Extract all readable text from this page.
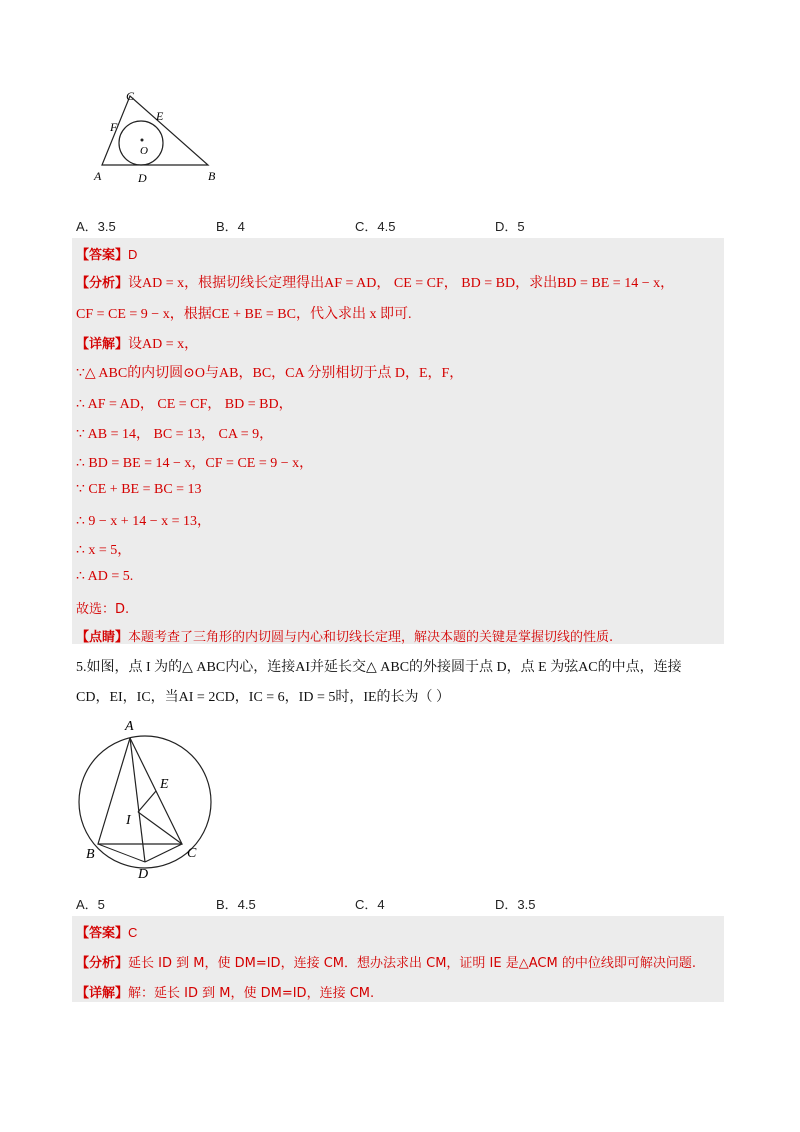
C
E
F
O
A	D	B
A．3.5	B．4	C．4.5	D．5
【答案】D
【分析】设AD = x，根据切线长定理得出AF = AD， CE = CF， BD = BD，求出BD = BE = 14 − x，
CF = CE = 9 − x，根据CE + BE = BC，代入求出 x 即可.
【详解】设AD = x，
∵△ ABC的内切圆⊙O与AB，BC，CA 分别相切于点 D，E，F，
∴ AF = AD， CE = CF， BD = BD，
∵ AB = 14， BC = 13， CA = 9，
∴ BD = BE = 14 − x，CF = CE = 9 − x，
∵ CE + BE = BC = 13
∴ 9 − x + 14 − x = 13，
∴ x = 5，
∴ AD = 5.
故选：D.
【点睛】本题考查了三角形的内切圆与内心和切线长定理，解决本题的关键是掌握切线的性质.
5.如图，点 I 为的△ ABC内心，连接AI并延长交△ ABC的外接圆于点 D，点 E 为弦AC的中点，连接
CD，EI，IC，当AI = 2CD，IC = 6，ID = 5时，IE的长为（ ）
A
E
I
B	C
D
A．5	B．4.5	C．4	D．3.5
【答案】C
【分析】延长 ID 到 M，使 DM=ID，连接 CM．想办法求出 CM，证明 IE 是△ACM 的中位线即可解决问题.
【详解】解：延长 ID 到 M，使 DM=ID，连接 CM.
